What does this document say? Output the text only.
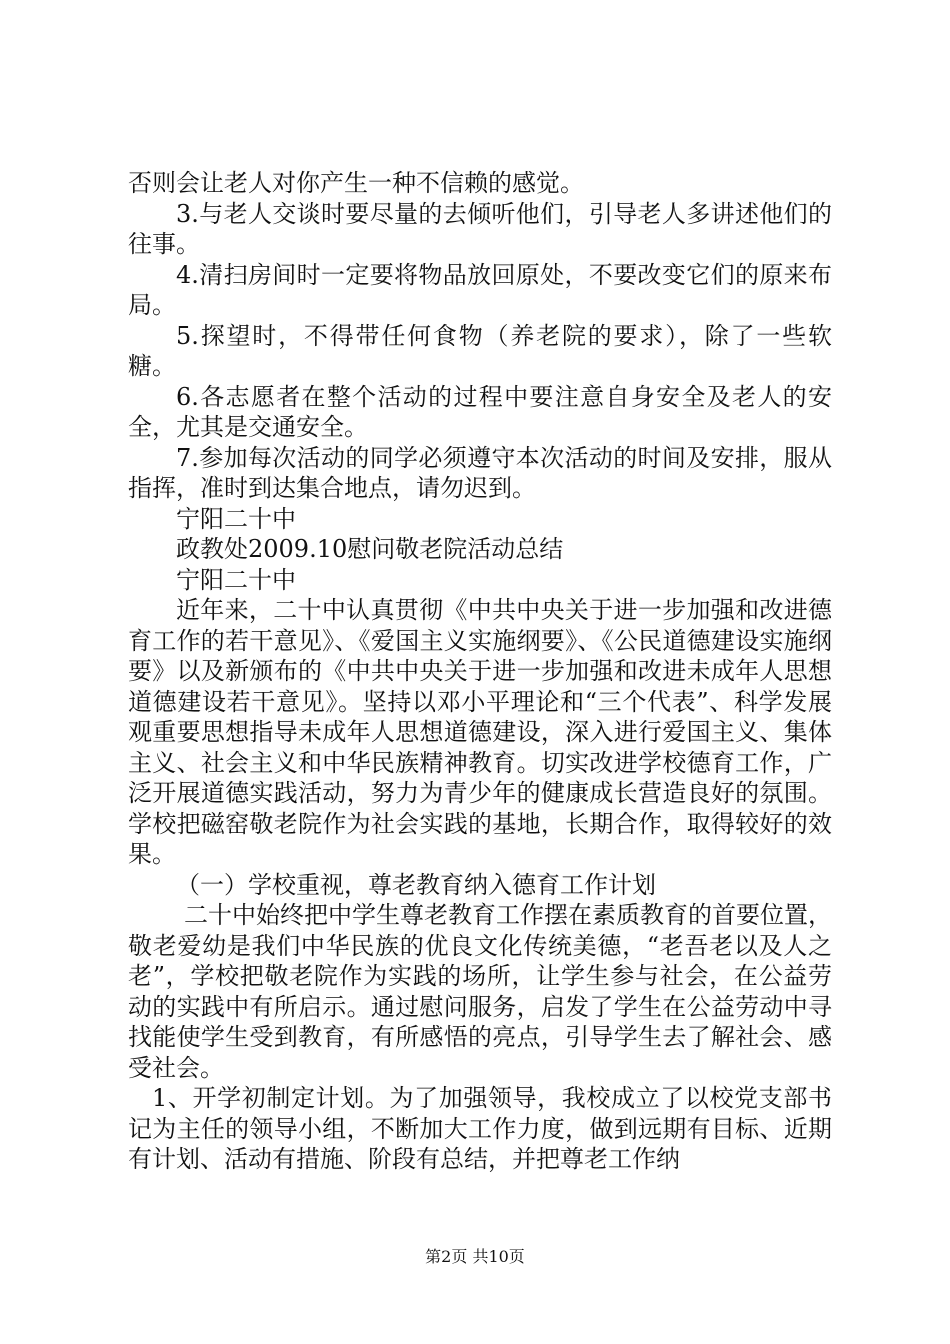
否则会让老人对你产生一种不信赖的感觉。

3.与老人交谈时要尽量的去倾听他们，引导老人多讲述他们的往事。

4.清扫房间时一定要将物品放回原处，不要改变它们的原来布局。

5.探望时，不得带任何食物（养老院的要求），除了一些软糖。

6.各志愿者在整个活动的过程中要注意自身安全及老人的安全，尤其是交通安全。

7.参加每次活动的同学必须遵守本次活动的时间及安排，服从指挥，准时到达集合地点，请勿迟到。

宁阳二十中

政教处2009.10慰问敬老院活动总结

宁阳二十中

近年来，二十中认真贯彻《中共中央关于进一步加强和改进德育工作的若干意见》、《爱国主义实施纲要》、《公民道德建设实施纲要》以及新颁布的《中共中央关于进一步加强和改进未成年人思想道德建设若干意见》。坚持以邓小平理论和“三个代表”、科学发展观重要思想指导未成年人思想道德建设，深入进行爱国主义、集体主义、社会主义和中华民族精神教育。切实改进学校德育工作，广泛开展道德实践活动，努力为青少年的健康成长营造良好的氛围。学校把磁窑敬老院作为社会实践的基地，长期合作，取得较好的效果。

（一）学校重视，尊老教育纳入德育工作计划

二十中始终把中学生尊老教育工作摆在素质教育的首要位置，敬老爱幼是我们中华民族的优良文化传统美德，“老吾老以及人之老”，学校把敬老院作为实践的场所，让学生参与社会，在公益劳动的实践中有所启示。通过慰问服务，启发了学生在公益劳动中寻找能使学生受到教育，有所感悟的亮点，引导学生去了解社会、感受社会。

1、开学初制定计划。为了加强领导，我校成立了以校党支部书记为主任的领导小组，不断加大工作力度，做到远期有目标、近期有计划、活动有措施、阶段有总结，并把尊老工作纳

第2页 共10页
